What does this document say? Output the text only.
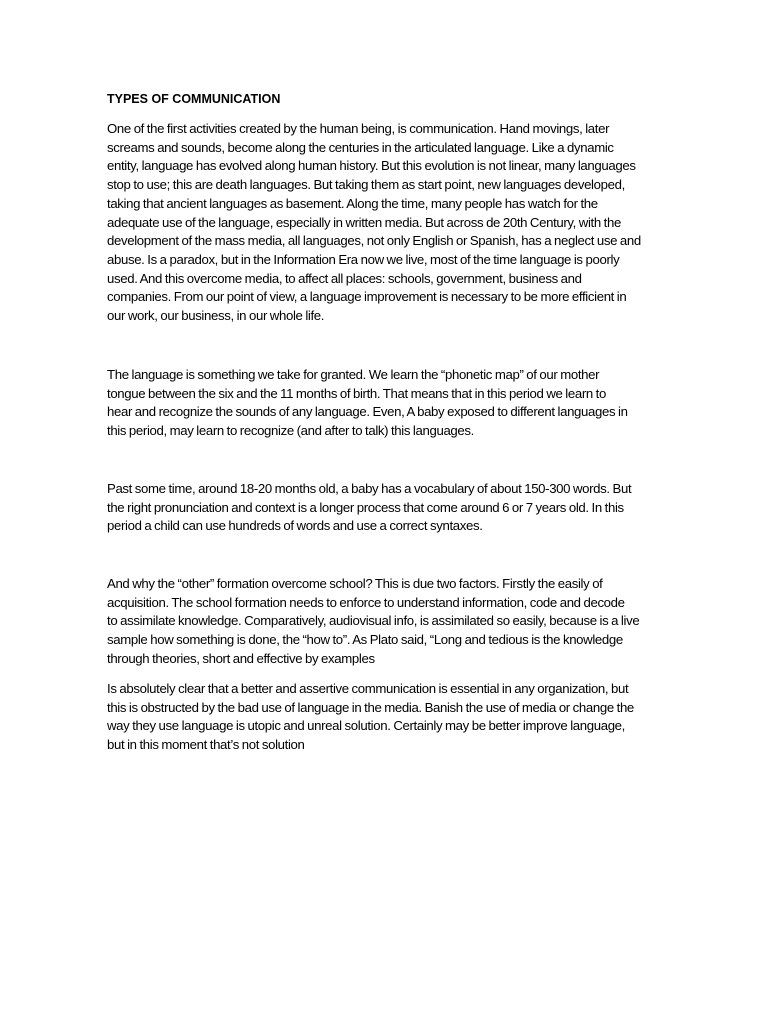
TYPES OF COMMUNICATION

One of the first activities created by the human being, is communication. Hand movings, later
screams and sounds, become along the centuries in the articulated language. Like a dynamic
entity, language has evolved along human history. But this evolution is not linear, many languages
stop to use; this are death languages. But taking them as start point, new languages developed,
taking that ancient languages as basement. Along the time, many people has watch for the
adequate use of the language, especially in written media. But across de 20th Century, with the
development of the mass media, all languages, not only English or Spanish, has a neglect use and
abuse. Is a paradox, but in the Information Era now we live, most of the time language is poorly
used. And this overcome media, to affect all places: schools, government, business and
companies. From our point of view, a language improvement is necessary to be more efficient in
our work, our business, in our whole life.

The language is something we take for granted. We learn the “phonetic map” of our mother
tongue between the six and the 11 months of birth. That means that in this period we learn to
hear and recognize the sounds of any language. Even, A baby exposed to different languages in
this period, may learn to recognize (and after to talk) this languages.

Past some time, around 18-20 months old, a baby has a vocabulary of about 150-300 words. But
the right pronunciation and context is a longer process that come around 6 or 7 years old. In this
period a child can use hundreds of words and use a correct syntaxes.

And why the “other” formation overcome school? This is due two factors. Firstly the easily of
acquisition. The school formation needs to enforce to understand information, code and decode
to assimilate knowledge. Comparatively, audiovisual info, is assimilated so easily, because is a live
sample how something is done, the “how to”. As Plato said, “Long and tedious is the knowledge
through theories, short and effective by examples

Is absolutely clear that a better and assertive communication is essential in any organization, but
this is obstructed by the bad use of language in the media. Banish the use of media or change the
way they use language is utopic and unreal solution. Certainly may be better improve language,
but in this moment that’s not solution
